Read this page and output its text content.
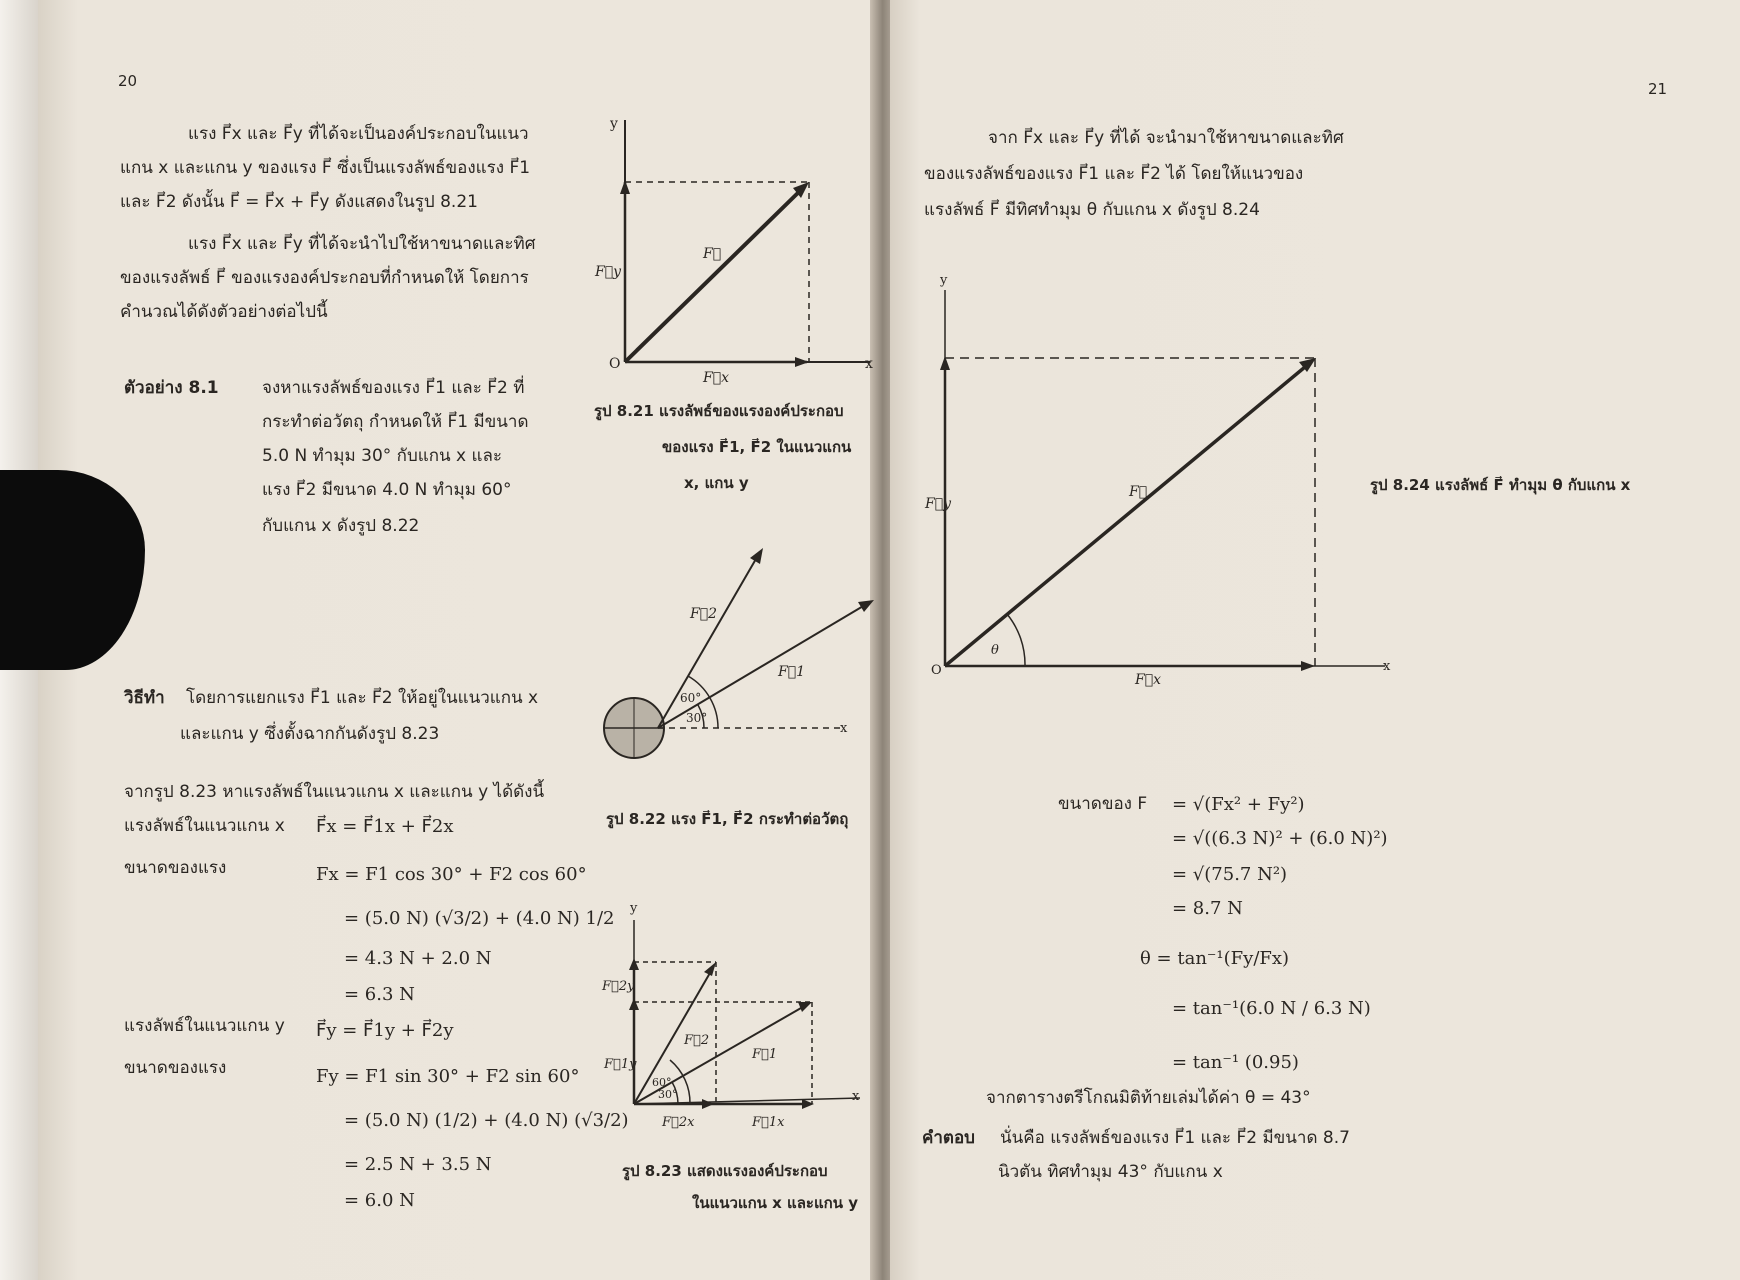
20
แรง F⃗x และ F⃗y ที่ได้จะเป็นองค์ประกอบในแนว
แกน x และแกน y ของแรง F⃗ ซึ่งเป็นแรงลัพธ์ของแรง F⃗1
และ F⃗2 ดังนั้น F⃗ = F⃗x + F⃗y ดังแสดงในรูป 8.21
แรง F⃗x และ F⃗y ที่ได้จะนำไปใช้หาขนาดและทิศ
ของแรงลัพธ์ F⃗ ของแรงองค์ประกอบที่กำหนดให้ โดยการ
คำนวณได้ดังตัวอย่างต่อไปนี้
ตัวอย่าง 8.1	จงหาแรงลัพธ์ของแรง F⃗1 และ F⃗2 ที่
กระทำต่อวัตถุ กำหนดให้ F⃗1 มีขนาด
5.0 N ทำมุม 30° กับแกน x และ
แรง F⃗2 มีขนาด 4.0 N ทำมุม 60°
กับแกน x ดังรูป 8.22
วิธีทำ โดยการแยกแรง F⃗1 และ F⃗2 ให้อยู่ในแนวแกน x
และแกน y ซึ่งตั้งฉากกันดังรูป 8.23
จากรูป 8.23 หาแรงลัพธ์ในแนวแกน x และแกน y ได้ดังนี้
แรงลัพธ์ในแนวแกน x F⃗x = F⃗1x + F⃗2x
ขนาดของแรง	Fx = F1 cos 30° + F2 cos 60°
= (5.0 N) (√3/2) + (4.0 N) 1/2
= 4.3 N + 2.0 N
= 6.3 N
แรงลัพธ์ในแนวแกน y F⃗y = F⃗1y + F⃗2y
ขนาดของแรง	Fy = F1 sin 30° + F2 sin 60°
= (5.0 N) (1/2) + (4.0 N) (√3/2)
= 2.5 N + 3.5 N
= 6.0 N
y
x
O
F⃗
F⃗y
F⃗x
รูป 8.21 แรงลัพธ์ของแรงองค์ประกอบ
ของแรง F⃗1, F⃗2 ในแนวแกน
x, แกน y
F⃗2
F⃗1
60°
30°
x
รูป 8.22 แรง F⃗1, F⃗2 กระทำต่อวัตถุ
y
x
F⃗2y
F⃗1y
F⃗2
F⃗1
60°
30°
F⃗2x	F⃗1x
รูป 8.23 แสดงแรงองค์ประกอบ
ในแนวแกน x และแกน y
21
จาก F⃗x และ F⃗y ที่ได้ จะนำมาใช้หาขนาดและทิศ
ของแรงลัพธ์ของแรง F⃗1 และ F⃗2 ได้ โดยให้แนวของ
แรงลัพธ์ F⃗ มีทิศทำมุม θ กับแกน x ดังรูป 8.24
y
x
O
F⃗
F⃗y
F⃗x
θ
รูป 8.24 แรงลัพธ์ F⃗ ทำมุม θ กับแกน x
ขนาดของ F = √(Fx² + Fy²)
= √((6.3 N)² + (6.0 N)²)
= √(75.7 N²)
= 8.7 N
θ = tan⁻¹(Fy/Fx)
= tan⁻¹(6.0 N / 6.3 N)
= tan⁻¹ (0.95)
จากตารางตรีโกณมิติท้ายเล่มได้ค่า θ = 43°
คำตอบ นั่นคือ แรงลัพธ์ของแรง F⃗1 และ F⃗2 มีขนาด 8.7
นิวตัน ทิศทำมุม 43° กับแกน x
